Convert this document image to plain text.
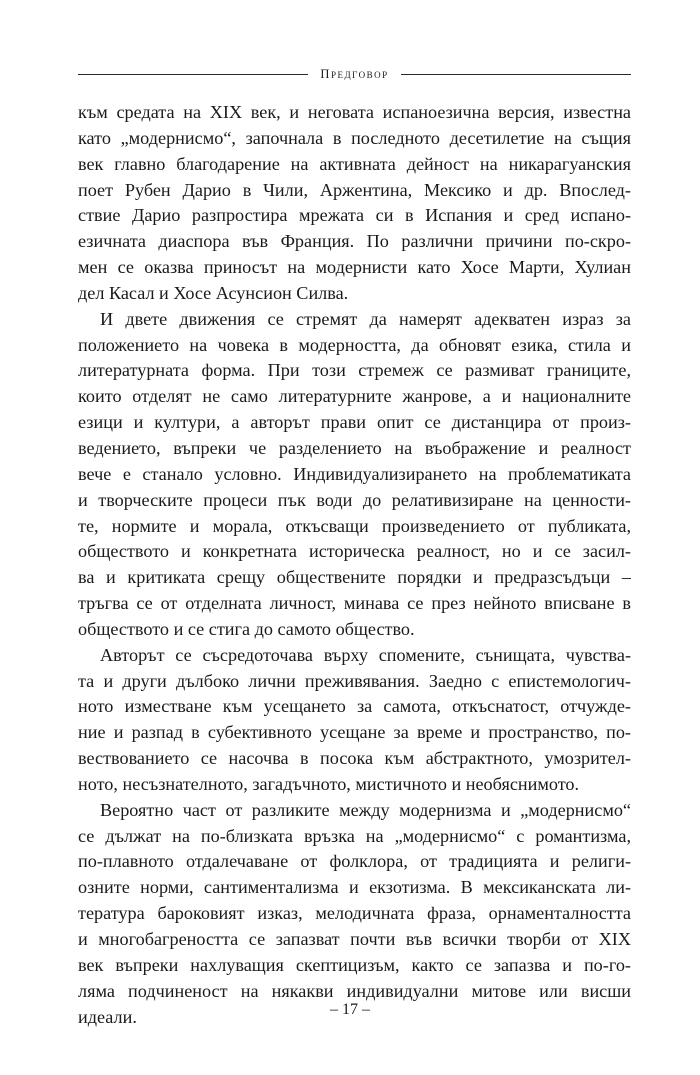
Предговор
към средата на XIX век, и неговата испаноезична версия, известна
като „модернисмо“, започнала в последното десетилетие на същия
век главно благодарение на активната дейност на никарагуанския
поет Рубен Дарио в Чили, Аржентина, Мексико и др. Впослед-
ствие Дарио разпростира мрежата си в Испания и сред испано-
езичната диаспора във Франция. По различни причини по-скро-
мен се оказва приносът на модернисти като Хосе Марти, Хулиан
дел Касал и Хосе Асунсион Силва.
И двете движения се стремят да намерят адекватен израз за
положението на човека в модерността, да обновят езика, стила и
литературната форма. При този стремеж се размиват границите,
които отделят не само литературните жанрове, а и националните
езици и култури, а авторът прави опит се дистанцира от произ-
ведението, въпреки че разделението на въображение и реалност
вече е станало условно. Индивидуализирането на проблематиката
и творческите процеси пък води до релативизиране на ценности-
те, нормите и морала, откъсващи произведението от публиката,
обществото и конкретната историческа реалност, но и се засил-
ва и критиката срещу обществените порядки и предразсъдъци –
тръгва се от отделната личност, минава се през нейното вписване в
обществото и се стига до самото общество.
Авторът се съсредоточава върху спомените, сънищата, чувства-
та и други дълбоко лични преживявания. Заедно с епистемологич-
ното изместване към усещането за самота, откъснатост, отчужде-
ние и разпад в субективното усещане за време и пространство, по-
вествованието се насочва в посока към абстрактното, умозрител-
ното, несъзнателното, загадъчното, мистичното и необяснимото.
Вероятно част от разликите между модернизма и „модернисмо“
се дължат на по-близката връзка на „модернисмо“ с романтизма,
по-плавното отдалечаване от фолклора, от традицията и религи-
озните норми, сантиментализма и екзотизма. В мексиканската ли-
тература бароковият изказ, мелодичната фраза, орнаменталността
и многобагреността се запазват почти във всички творби от XIX
век въпреки нахлуващия скептицизъм, както се запазва и по-го-
ляма подчиненост на някакви индивидуални митове или висши
идеали.	– 17 –
